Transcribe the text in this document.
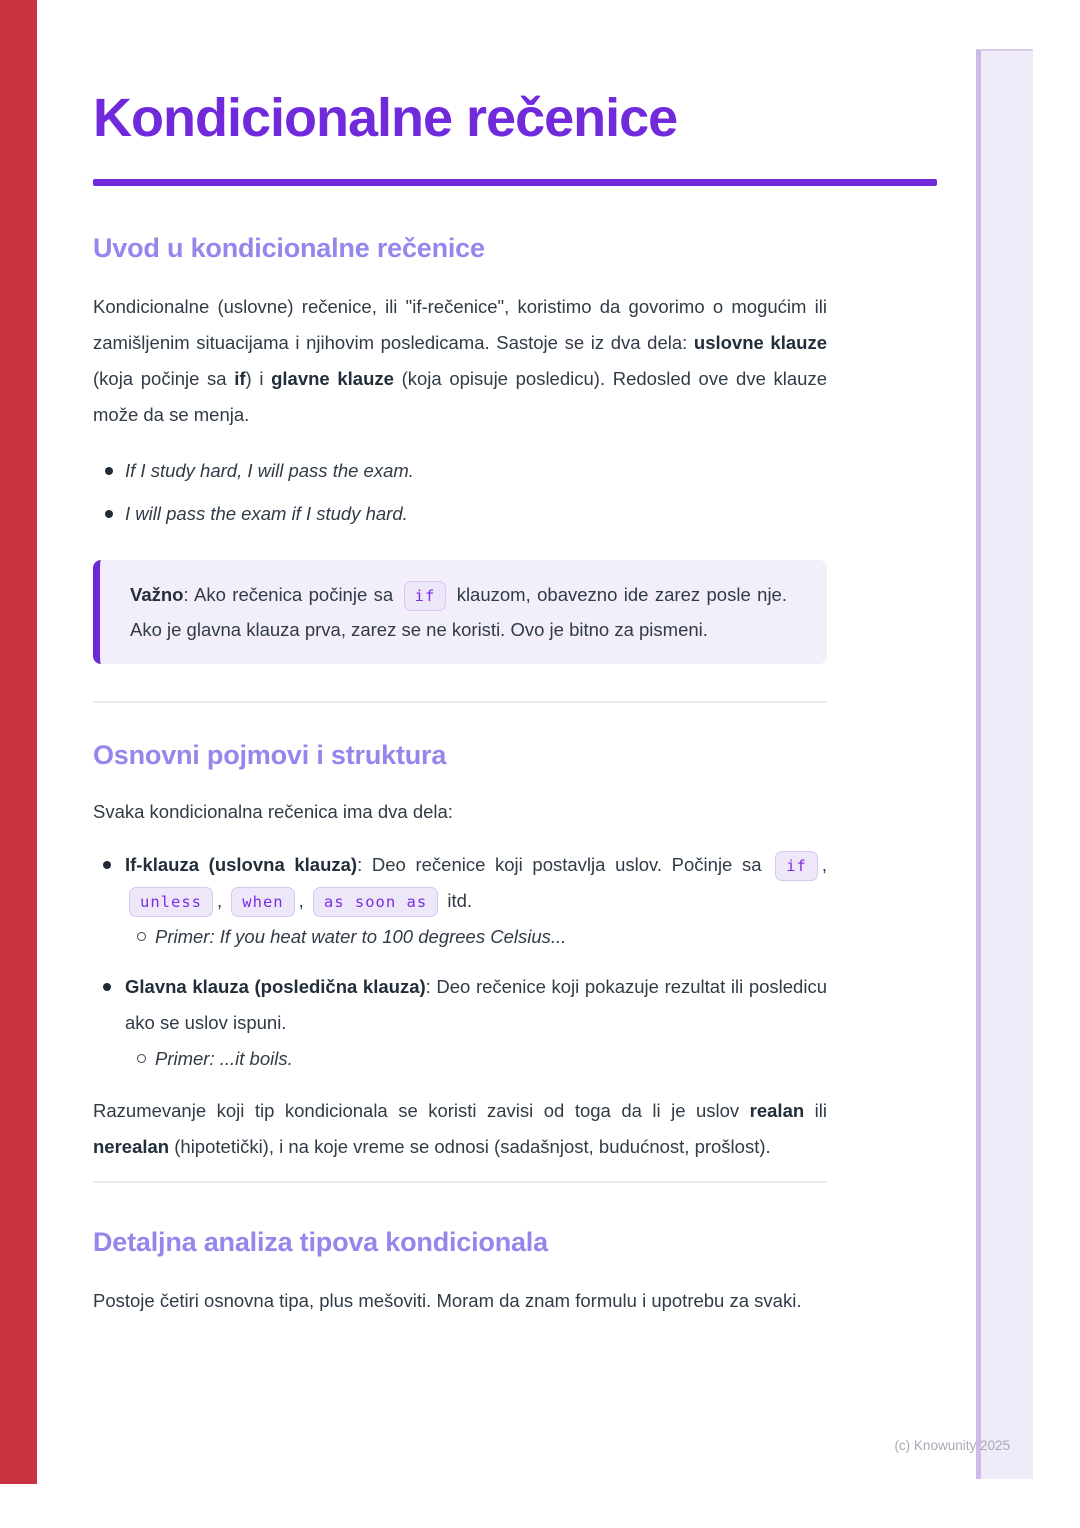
Kondicionalne rečenice
Uvod u kondicionalne rečenice

Kondicionalne (uslovne) rečenice, ili "if-rečenice", koristimo da govorimo o mogućim ili zamišljenim situacijama i njihovim posledicama. Sastoje se iz dva dela: uslovne klauze (koja počinje sa if) i glavne klauze (koja opisuje posledicu). Redosled ove dve klauze može da se menja.

If I study hard, I will pass the exam.
I will pass the exam if I study hard.
Važno: Ako rečenica počinje sa if klauzom, obavezno ide zarez posle nje. Ako je glavna klauza prva, zarez se ne koristi. Ovo je bitno za pismeni.
Osnovni pojmovi i struktura

Svaka kondicionalna rečenica ima dva dela:

If-klauza (uslovna klauza): Deo rečenice koji postavlja uslov. Počinje sa if , unless , when , as soon as itd.
Primer: If you heat water to 100 degrees Celsius...
Glavna klauza (posledična klauza): Deo rečenice koji pokazuje rezultat ili posledicu ako se uslov ispuni.
Primer: ...it boils.

Razumevanje koji tip kondicionala se koristi zavisi od toga da li je uslov realan ili nerealan (hipotetički), i na koje vreme se odnosi (sadašnjost, budućnost, prošlost).

Detaljna analiza tipova kondicionala

Postoje četiri osnovna tipa, plus mešoviti. Moram da znam formulu i upotrebu za svaki.

(c) Knowunity 2025
